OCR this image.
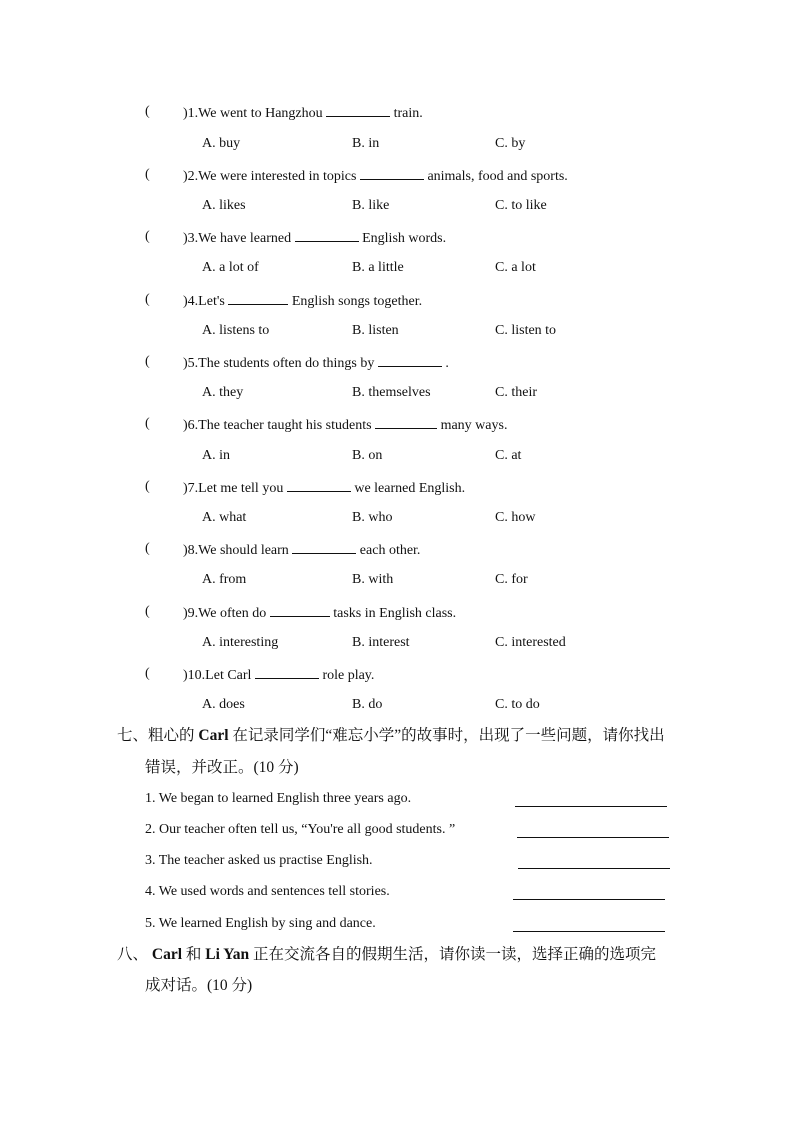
( )1.We went to Hangzhou	train.
A. buy	B. in	C. by
( )2.We were interested in topics	animals, food and sports.
A. likes	B. like	C. to like
( )3.We have learned	English words.
A. a lot of	B. a little	C. a lot
( )4.Let's	English songs together.
A. listens to	B. listen	C. listen to
( )5.The students often do things by	.
A. they	B. themselves	C. their
( )6.The teacher taught his students	many ways.
A. in	B. on	C. at
( )7.Let me tell you	we learned English.
A. what	B. who	C. how
( )8.We should learn	each other.
A. from	B. with	C. for
( )9.We often do	tasks in English class.
A. interesting	B. interest	C. interested
( )10.Let Carl	role play.
A. does	B. do	C. to do
七、粗心的 Carl 在记录同学们“难忘小学”的故事时，出现了一些问题，请你找出
错误，并改正。(10 分)
1. We began to learned English three years ago.
2. Our teacher often tell us, “You're all good students. ”
3. The teacher asked us practise English.
4. We used words and sentences tell stories.
5. We learned English by sing and dance.
八、 Carl 和 Li Yan 正在交流各自的假期生活，请你读一读，选择正确的选项完
成对话。(10 分)
